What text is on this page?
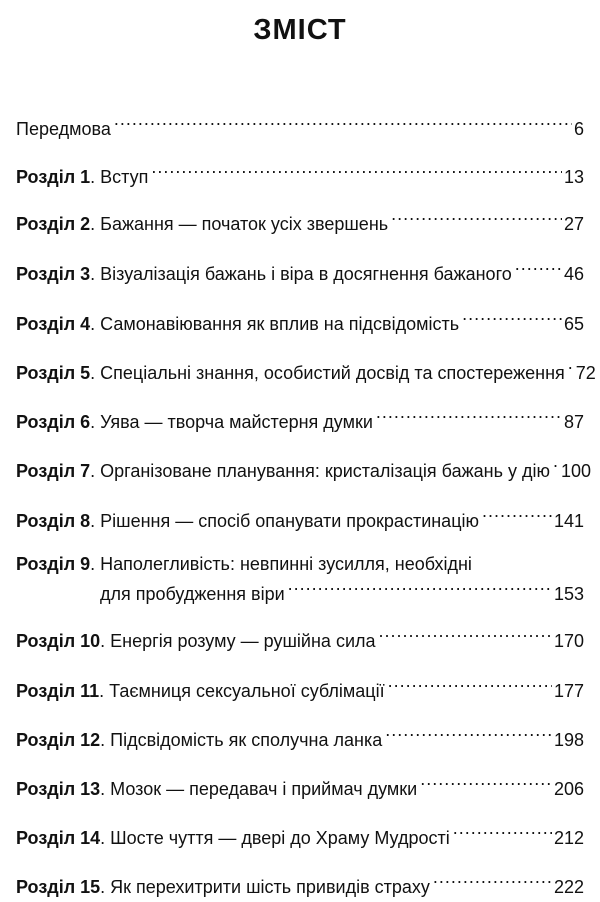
ЗМІСТ
Передмова .....	6
Розділ 1 . Вступ .....	13
Розділ 2 . Бажання — початок усіх звершень .....	27
Розділ 3 . Візуалізація бажань і віра в досягнення бажаного .....	46
Розділ 4 . Самонавіювання як вплив на підсвідомість .....	65
Розділ 5 . Спеціальні знання, особистий досвід та спостереження ..... 72
Розділ 6 . Уява — творча майстерня думки .....	87
Розділ 7 . Організоване планування: кристалізація бажань у дію ..... 100
Розділ 8 . Рішення — спосіб опанувати прокрастинацію .....	141
Розділ 9 . Наполегливість: невпинні зусилля, необхідні
для пробудження віри .....	153
Розділ 10 . Енергія розуму — рушійна сила .....	170
Розділ 11 . Таємниця сексуальної сублімації .....	177
Розділ 12 . Підсвідомість як сполучна ланка .....	198
Розділ 13 . Мозок — передавач і приймач думки .....	206
Розділ 14 . Шосте чуття — двері до Храму Мудрості .....	212
Розділ 15 . Як перехитрити шість привидів страху .....	222
